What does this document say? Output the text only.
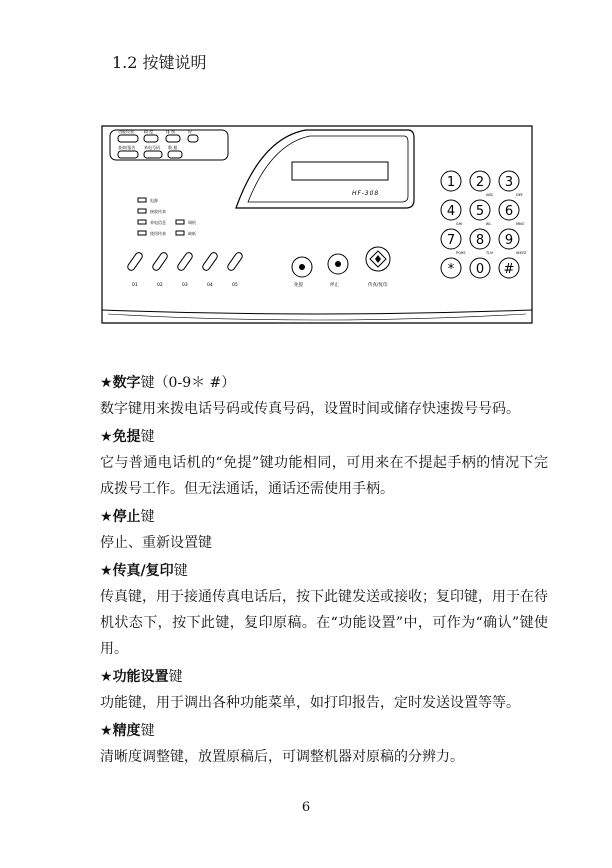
1.2 按键说明
功能设置	精 度	排 版	停
查询/报告 来电号码 数 据
HF-308
电源
接收传真
来电信息
使用传真
调机
缺纸
01	02	03	04	05	免提	停止	传真/复印
1 2 3
4 5 6
7 8 9
* 0 #
ABC	DEF
GHI	JKL	MNO
PQRS	TUV	WXYZ
★数字键（0-9＊ #）
数字键用来拨电话号码或传真号码，设置时间或储存快速拨号号码。
★免提键
它与普通电话机的“免提”键功能相同，可用来在不提起手柄的情况下完成拨号工作。但无法通话，通话还需使用手柄。
★停止键
停止、重新设置键
★传真/复印键
传真键，用于接通传真电话后，按下此键发送或接收；复印键，用于在待机状态下，按下此键，复印原稿。在“功能设置”中，可作为“确认”键使用。
★功能设置键
功能键，用于调出各种功能菜单，如打印报告，定时发送设置等等。
★精度键
清晰度调整键，放置原稿后，可调整机器对原稿的分辨力。
6
